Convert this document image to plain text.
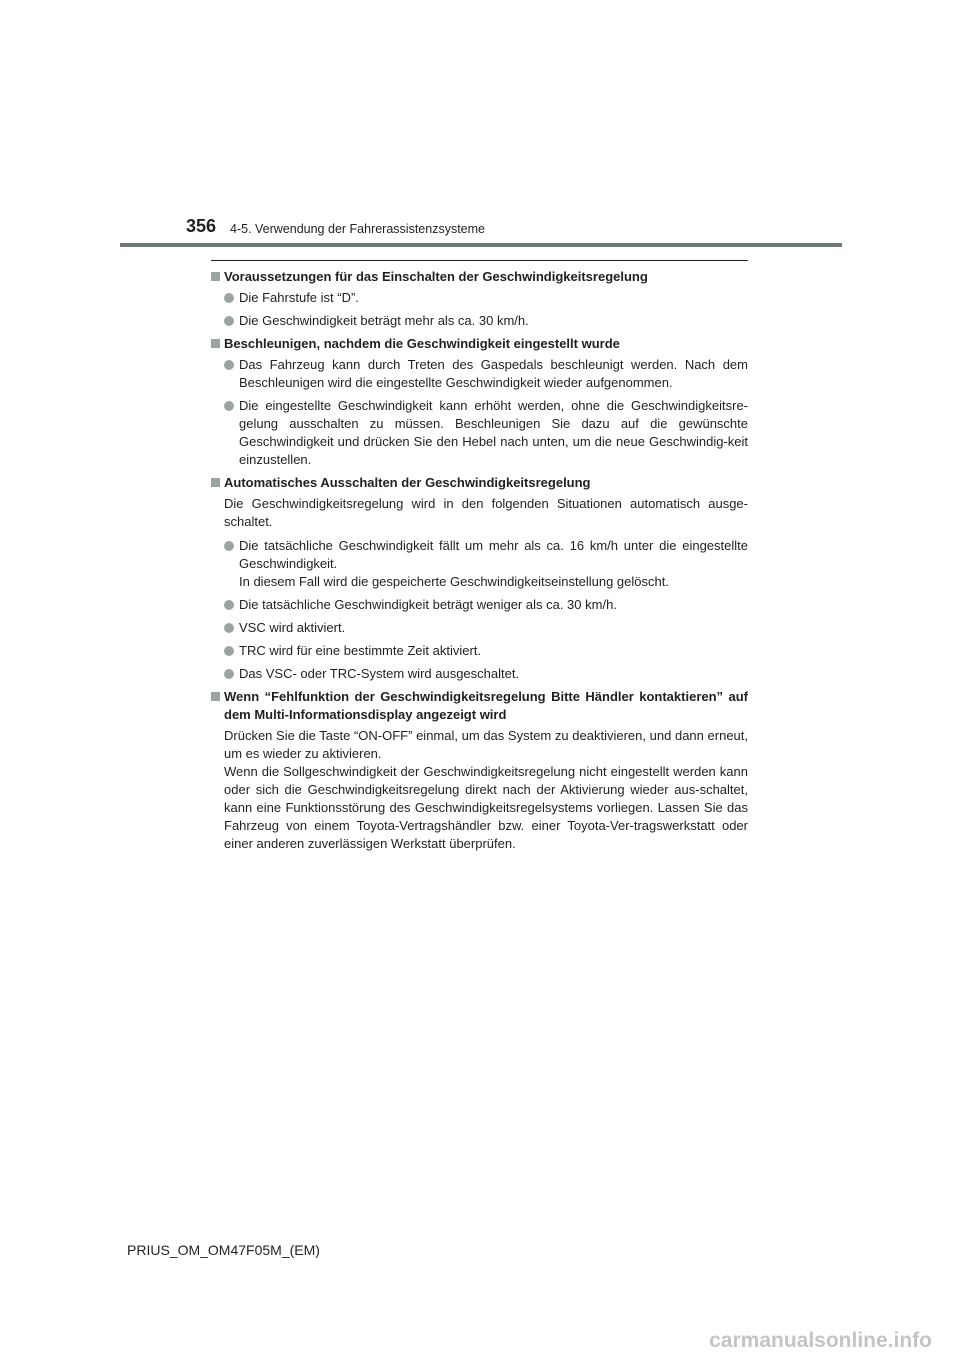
356 4-5. Verwendung der Fahrerassistenzsysteme
Voraussetzungen für das Einschalten der Geschwindigkeitsregelung
Die Fahrstufe ist “D”.
Die Geschwindigkeit beträgt mehr als ca. 30 km/h.
Beschleunigen, nachdem die Geschwindigkeit eingestellt wurde
Das Fahrzeug kann durch Treten des Gaspedals beschleunigt werden. Nach dem Beschleunigen wird die eingestellte Geschwindigkeit wieder aufgenommen.
Die eingestellte Geschwindigkeit kann erhöht werden, ohne die Geschwindigkeitsre-gelung ausschalten zu müssen. Beschleunigen Sie dazu auf die gewünschte Geschwindigkeit und drücken Sie den Hebel nach unten, um die neue Geschwindig-keit einzustellen.
Automatisches Ausschalten der Geschwindigkeitsregelung

Die Geschwindigkeitsregelung wird in den folgenden Situationen automatisch ausge-schaltet.

Die tatsächliche Geschwindigkeit fällt um mehr als ca. 16 km/h unter die eingestellte Geschwindigkeit.
In diesem Fall wird die gespeicherte Geschwindigkeitseinstellung gelöscht.
Die tatsächliche Geschwindigkeit beträgt weniger als ca. 30 km/h.
VSC wird aktiviert.
TRC wird für eine bestimmte Zeit aktiviert.
Das VSC- oder TRC-System wird ausgeschaltet.
Wenn “Fehlfunktion der Geschwindigkeitsregelung Bitte Händler kontaktieren” auf dem Multi-Informationsdisplay angezeigt wird

Drücken Sie die Taste “ON-OFF” einmal, um das System zu deaktivieren, und dann erneut, um es wieder zu aktivieren.
Wenn die Sollgeschwindigkeit der Geschwindigkeitsregelung nicht eingestellt werden kann oder sich die Geschwindigkeitsregelung direkt nach der Aktivierung wieder aus-schaltet, kann eine Funktionsstörung des Geschwindigkeitsregelsystems vorliegen. Lassen Sie das Fahrzeug von einem Toyota-Vertragshändler bzw. einer Toyota-Ver-tragswerkstatt oder einer anderen zuverlässigen Werkstatt überprüfen.

PRIUS_OM_OM47F05M_(EM)
carmanualsonline.info
